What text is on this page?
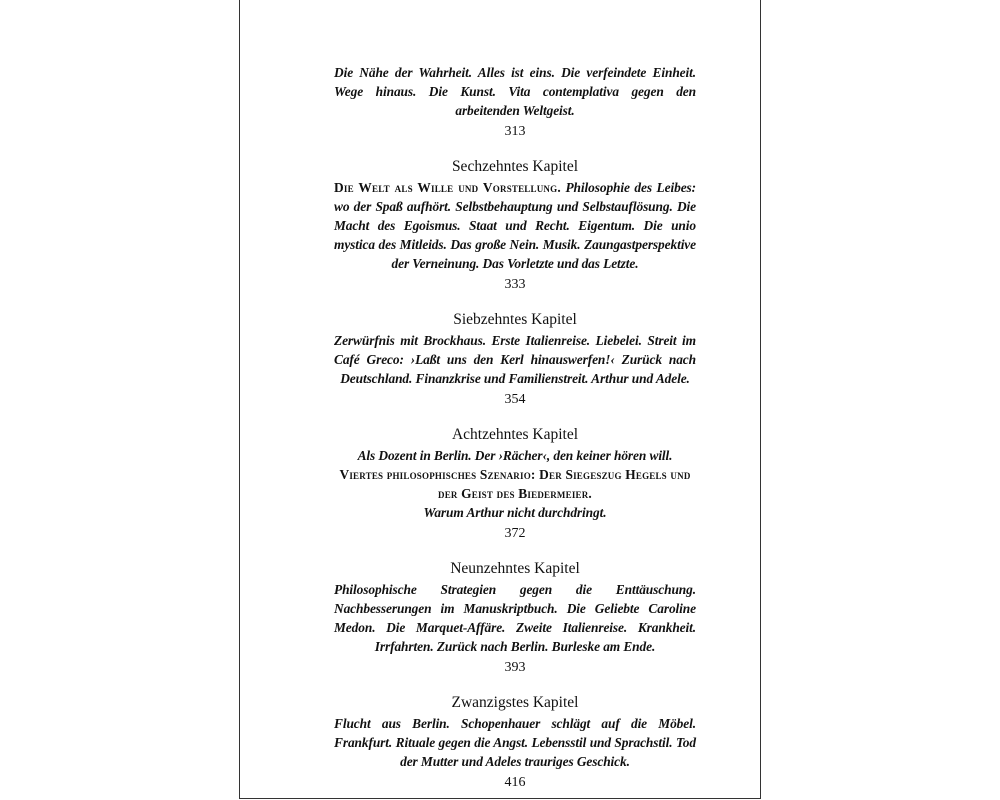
Die Nähe der Wahrheit. Alles ist eins. Die verfeindete Einheit. Wege hinaus. Die Kunst. Vita contemplativa gegen den arbeitenden Weltgeist.

313
Sechzehntes Kapitel

Die Welt als Wille und Vorstellung. Philosophie des Leibes: wo der Spaß aufhört. Selbstbehauptung und Selbstauflösung. Die Macht des Egoismus. Staat und Recht. Eigentum. Die unio mystica des Mitleids. Das große Nein. Musik. Zaungastperspektive der Verneinung. Das Vorletzte und das Letzte.

333
Siebzehntes Kapitel

Zerwürfnis mit Brockhaus. Erste Italienreise. Liebelei. Streit im Café Greco: ›Laßt uns den Kerl hinauswerfen!‹ Zurück nach Deutschland. Finanzkrise und Familienstreit. Arthur und Adele.

354
Achtzehntes Kapitel

Als Dozent in Berlin. Der ›Rächer‹, den keiner hören will.

Viertes philosophisches Szenario: Der Siegeszug Hegels und der Geist des Biedermeier.

Warum Arthur nicht durchdringt.

372
Neunzehntes Kapitel

Philosophische Strategien gegen die Enttäuschung. Nachbesserungen im Manuskriptbuch. Die Geliebte Caroline Medon. Die Marquet-Affäre. Zweite Italienreise. Krankheit. Irrfahrten. Zurück nach Berlin. Burleske am Ende.

393
Zwanzigstes Kapitel

Flucht aus Berlin. Schopenhauer schlägt auf die Möbel. Frankfurt. Rituale gegen die Angst. Lebensstil und Sprachstil. Tod der Mutter und Adeles trauriges Geschick.

416
